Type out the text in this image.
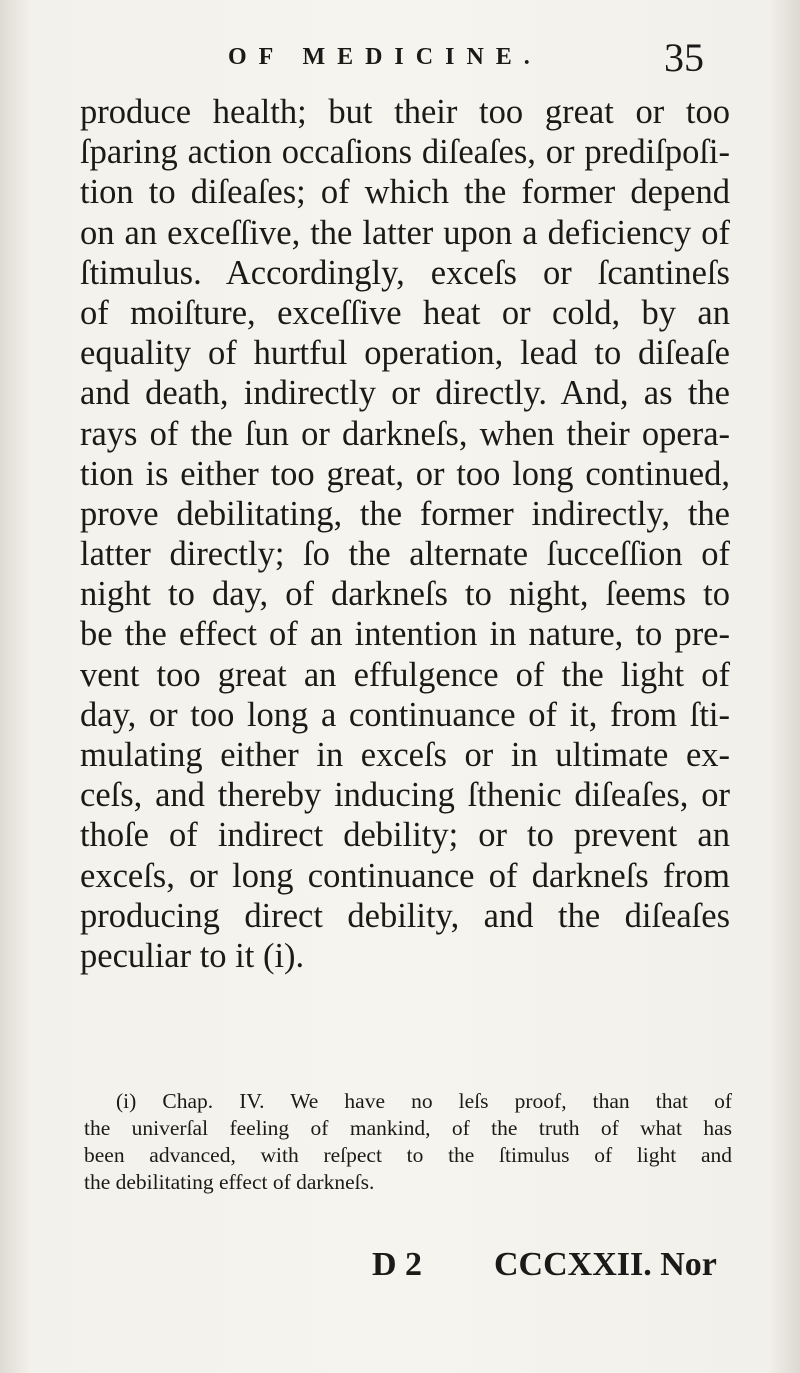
OF MEDICINE.	35
produce health; but their too great or too
ſparing action occaſions diſeaſes, or prediſpoſi-
tion to diſeaſes; of which the former depend
on an exceſſive, the latter upon a deficiency of
ſtimulus. Accordingly, exceſs or ſcantineſs
of moiſture, exceſſive heat or cold, by an
equality of hurtful operation, lead to diſeaſe
and death, indirectly or directly. And, as the
rays of the ſun or darkneſs, when their opera-
tion is either too great, or too long continued,
prove debilitating, the former indirectly, the
latter directly; ſo the alternate ſucceſſion of
night to day, of darkneſs to night, ſeems to
be the effect of an intention in nature, to pre-
vent too great an effulgence of the light of
day, or too long a continuance of it, from ſti-
mulating either in exceſs or in ultimate ex-
ceſs, and thereby inducing ſthenic diſeaſes, or
thoſe of indirect debility; or to prevent an
exceſs, or long continuance of darkneſs from
producing direct debility, and the diſeaſes
peculiar to it (i).
(i) Chap. IV. We have no leſs proof, than that of
the univerſal feeling of mankind, of the truth of what has
been advanced, with reſpect to the ſtimulus of light and
the debilitating effect of darkneſs.
D 2 CCCXXII. Nor
